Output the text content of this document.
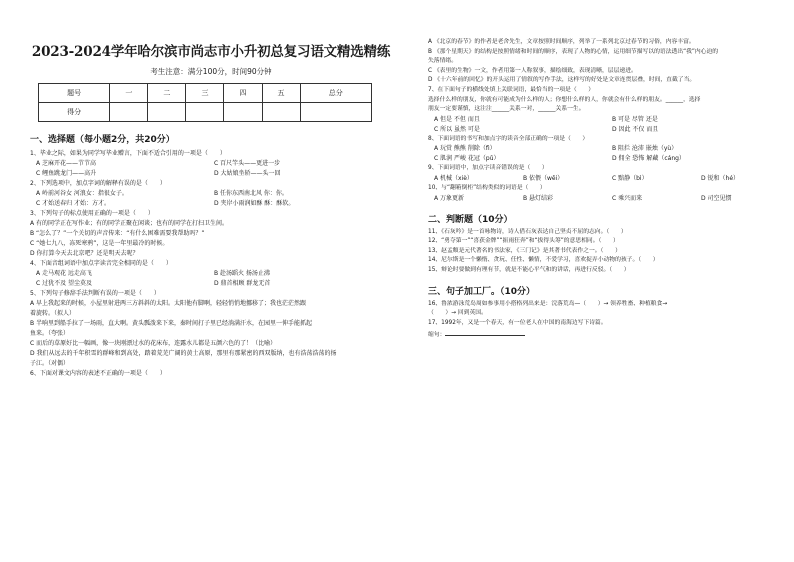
2023-2024学年哈尔滨市尚志市小升初总复习语文精选精练
考生注意：满分100分，时间90分钟
题号	一	二	三	四	五	总分
得分						
一、选择题（每小题2分，共20分）
1、毕业之际，如果为同学写毕业赠言，下面不适合引用的一项是（　　）
A 芝麻开花——节节高	C 百尺竿头——更进一步
C 鲤鱼跳龙门——高升	D 大姑娘坐轿——头一回
2、下列选项中，加点字词的解释有误的是（　　）
A 岭前河谷女 河浪女：指很女子。	B 任你东西南北风 你：你。
C 才始送春归 才始：方才。	D 夹岸小雨润如酥 酥：酥软。
3、下列句子的标点使用正确的一项是（　　）
A 有的同学正在写作业；有的同学正聚在闲谈；也有的同学在打扫卫生间。
B “怎么了？”一个关切的声音传来：“有什么困难需要我帮助吗？”
C “她七九八，冻死寒鸦”，这是一年里最冷的时候。
D 你打算今天去北京吧？还是明天去呢？
4、下面音组词语中加点字读音完全相同的是（　　）
A 走马观花 远走高飞	B 赴汤蹈火 扬汤止沸
C 过犹不及 望尘莫及	D 鼎首相顾 群龙无首
5、下列句子修辞手法判断有误的一项是（　　）
A 早上我起来的时候，小屋里射进两三方斜斜的太阳。太阳他有脚啊，轻轻悄悄地挪移了；我也茫茫然跟
着旋转。（拟人）
B 半响里到船手拉了一场雨，直大啊。黄头瓢泼来下来，秦时间打子里已经淌满汗水，在园里一伸手能抓起
鱼来。（夸张）
C 而后的草原好比一幅画，像一块刚漂过水的花床布，连露水儿都是五颜六色的了！（比喻）
D 我们从远去的千年积雪的群峰和到高处，踏着荒芜广阔的黄土高原，那里有那紧密的西双版纳，也有浩荡浩荡的扬
子江。（对偶）
6、下面对课文内容的表述不正确的一项是（　　）
A 《北京的春节》的作者是老舍先生，文章按照时间顺序，列举了一系列北京过春节的习俗，内容丰富。
B 《那个星期天》的结构是按照情绪和时间的顺序，表现了人物的心情，运用细节描写以的语法透出“我”内心迫的
失落情绪。
C 《表里的生物》一文，作者用第一人称叙事，描绘细致，表现清晰，层层递进。
D 《十六年前的回忆》的开头运用了情叙的写作手法，这样写的好处是文章连贯层叠，时间，直截了当。
7、在下面句子的横线处填上关联词语，最恰当的一项是（　　）
选择什么样的朋友，你就有可能成为什么样的人；你想什么样的人，你就会有什么样的朋友。______，选择
朋友一定要谨慎，这注注______关系一对，______关系一生。
A 但是 不但 而且	B 可是 尽管 还是
C 所以 虽然 可是	D 因此 不仅 而且
8、下面词语的书写和加点字的读音全部正确的一项是（　　）
A 玩赏 熊熊 削除（fì）	B 阻拦 沧沛 嵌烛（yù）
C 肌润 严峻 花冠（pǔ）	D 佣全 恐怖 解藏（cáng）
9、下面词语中，加点字读音错误的是（　　）
A 机械（xiè）	B 依偎（wēi）	C 黯静（bì）	D 锐和（hé）
10、与“翻箱倒柜”结构类似的词语是（　　）
A 万象更新	B 悬灯结彩	C 乘兴而来	D 司空见惯
二、判断题（10分）
11、《石灰吟》是一首咏物诗，诗人借石灰表达自己坚贞不屈的志向。（　　）
12、“勇夺第一”“喜获金牌”“振雨狂奔”和“拔得头筹”的意思相同。（　　）
13、赵孟頫是元代著名的书法家，《三门记》是其著书代表作之一。（　　）
14、尼尔斯是一个懒惰、贪玩、任性、懒情，不爱学习，喜欢捉弄小动物的孩子。（　　）
15、辩论时要做到有理有节，就是不能心平气和的讲话，再进行反驳。（　　）
三、句子加工厂。（10分）
16、鲁浓游泳荒岛周如参事用小搭格列出来是：浣落荒岛—（　　）→ 领养牲畜、种植粮食→
（　　）→ 回到英国。
17、1992年，又是一个春天，有一位老人在中国的南海边写下诗篇。
缩句：
